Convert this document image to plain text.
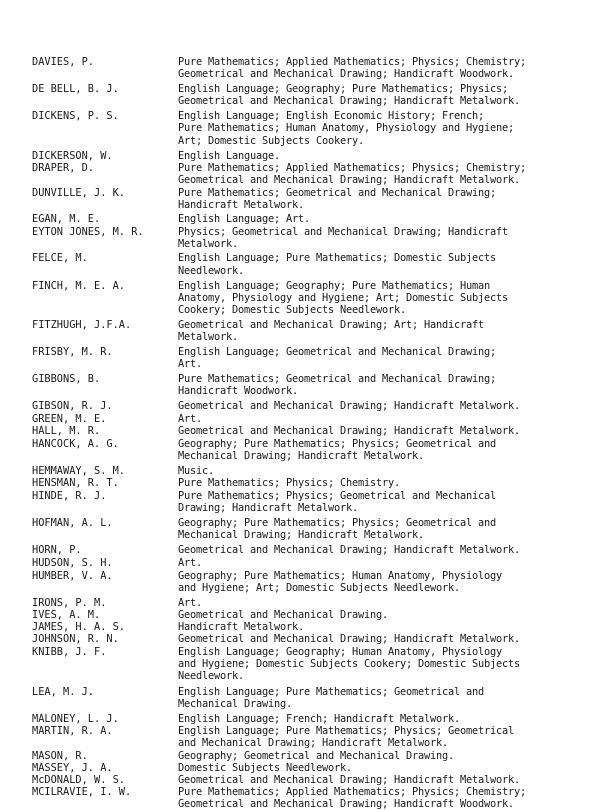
DAVIES, P.	Pure Mathematics; Applied Mathematics; Physics; Chemistry;
Geometrical and Mechanical Drawing; Handicraft Woodwork.
DE BELL, B. J.	English Language; Geography; Pure Mathematics; Physics;
Geometrical and Mechanical Drawing; Handicraft Metalwork.
DICKENS, P. S.	English Language; English Economic History; French;
Pure Mathematics; Human Anatomy, Physiology and Hygiene;
Art; Domestic Subjects Cookery.
DICKERSON, W.	English Language.
DRAPER, D.	Pure Mathematics; Applied Mathematics; Physics; Chemistry;
Geometrical and Mechanical Drawing; Handicraft Metalwork.
DUNVILLE, J. K.	Pure Mathematics; Geometrical and Mechanical Drawing;
Handicraft Metalwork.
EGAN, M. E.	English Language; Art.
EYTON JONES, M. R.	Physics; Geometrical and Mechanical Drawing; Handicraft
Metalwork.
FELCE, M.	English Language; Pure Mathematics; Domestic Subjects
Needlework.
FINCH, M. E. A.	English Language; Geography; Pure Mathematics; Human
Anatomy, Physiology and Hygiene; Art; Domestic Subjects
Cookery; Domestic Subjects Needlework.
FITZHUGH, J.F.A.	Geometrical and Mechanical Drawing; Art; Handicraft
Metalwork.
FRISBY, M. R.	English Language; Geometrical and Mechanical Drawing;
Art.
GIBBONS, B.	Pure Mathematics; Geometrical and Mechanical Drawing;
Handicraft Woodwork.
GIBSON, R. J.	Geometrical and Mechanical Drawing; Handicraft Metalwork.
GREEN, M. E.	Art.
HALL, M. R.	Geometrical and Mechanical Drawing; Handicraft Metalwork.
HANCOCK, A. G.	Geography; Pure Mathematics; Physics; Geometrical and
Mechanical Drawing; Handicraft Metalwork.
HEMMAWAY, S. M.	Music.
HENSMAN, R. T.	Pure Mathematics; Physics; Chemistry.
HINDE, R. J.	Pure Mathematics; Physics; Geometrical and Mechanical
Drawing; Handicraft Metalwork.
HOFMAN, A. L.	Geography; Pure Mathematics; Physics; Geometrical and
Mechanical Drawing; Handicraft Metalwork.
HORN, P.	Geometrical and Mechanical Drawing; Handicraft Metalwork.
HUDSON, S. H.	Art.
HUMBER, V. A.	Geography; Pure Mathematics; Human Anatomy, Physiology
and Hygiene; Art; Domestic Subjects Needlework.
IRONS, P. M.	Art.
IVES, A. M.	Geometrical and Mechanical Drawing.
JAMES, H. A. S.	Handicraft Metalwork.
JOHNSON, R. N.	Geometrical and Mechanical Drawing; Handicraft Metalwork.
KNIBB, J. F.	English Language; Geography; Human Anatomy, Physiology
and Hygiene; Domestic Subjects Cookery; Domestic Subjects
Needlework.
LEA, M. J.	English Language; Pure Mathematics; Geometrical and
Mechanical Drawing.
MALONEY, L. J.	English Language; French; Handicraft Metalwork.
MARTIN, R. A.	English Language; Pure Mathematics; Physics; Geometrical
and Mechanical Drawing; Handicraft Metalwork.
MASON, R.	Geography; Geometrical and Mechanical Drawing.
MASSEY, J. A.	Domestic Subjects Needlework.
McDONALD, W. S.	Geometrical and Mechanical Drawing; Handicraft Metalwork.
MCILRAVIE, I. W.	Pure Mathematics; Applied Mathematics; Physics; Chemistry;
Geometrical and Mechanical Drawing; Handicraft Woodwork.
